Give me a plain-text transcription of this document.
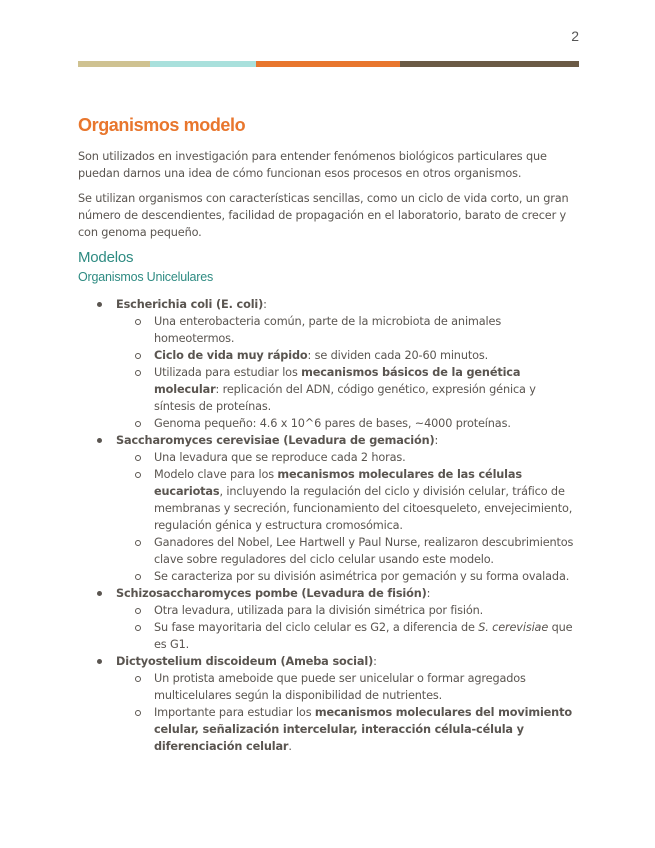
2
Organismos modelo

Son utilizados en investigación para entender fenómenos biológicos particulares que puedan darnos una idea de cómo funcionan esos procesos en otros organismos.

Se utilizan organismos con características sencillas, como un ciclo de vida corto, un gran número de descendientes, facilidad de propagación en el laboratorio, barato de crecer y con genoma pequeño.

Modelos
Organismos Unicelulares
Escherichia coli (E. coli):
Una enterobacteria común, parte de la microbiota de animales homeotermos.
Ciclo de vida muy rápido: se dividen cada 20-60 minutos.
Utilizada para estudiar los mecanismos básicos de la genética molecular: replicación del ADN, código genético, expresión génica y síntesis de proteínas.
Genoma pequeño: 4.6 x 10^6 pares de bases, ~4000 proteínas.
Saccharomyces cerevisiae (Levadura de gemación):
Una levadura que se reproduce cada 2 horas.
Modelo clave para los mecanismos moleculares de las células eucariotas, incluyendo la regulación del ciclo y división celular, tráfico de membranas y secreción, funcionamiento del citoesqueleto, envejecimiento, regulación génica y estructura cromosómica.
Ganadores del Nobel, Lee Hartwell y Paul Nurse, realizaron descubrimientos clave sobre reguladores del ciclo celular usando este modelo.
Se caracteriza por su división asimétrica por gemación y su forma ovalada.
Schizosaccharomyces pombe (Levadura de fisión):
Otra levadura, utilizada para la división simétrica por fisión.
Su fase mayoritaria del ciclo celular es G2, a diferencia de S. cerevisiae que es G1.
Dictyostelium discoideum (Ameba social):
Un protista ameboide que puede ser unicelular o formar agregados multicelulares según la disponibilidad de nutrientes.
Importante para estudiar los mecanismos moleculares del movimiento celular, señalización intercelular, interacción célula-célula y diferenciación celular.
